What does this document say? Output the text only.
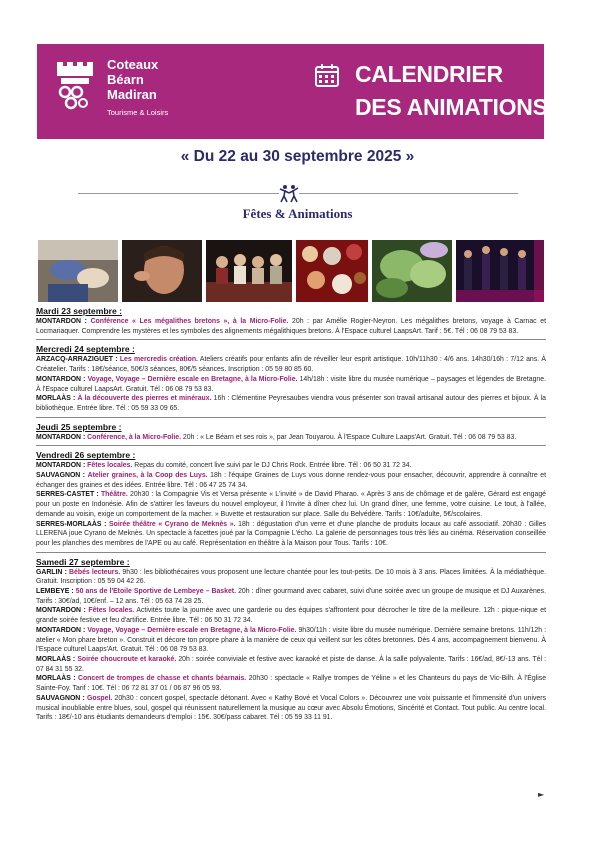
Coteaux
Béarn
Madiran
Tourisme & Loisirs
CALENDRIER
DES ANIMATIONS
« Du 22 au 30 septembre 2025 »
Fêtes & Animations
Mardi 23 septembre :

MONTARDON : Conférence « Les mégalithes bretons », à la Micro-Folie. 20h : par Amélie Rogier-Neyron. Les mégalithes bretons, voyage à Carnac et Locmariaquer. Comprendre les mystères et les symboles des alignements mégalithiques bretons. À l'Espace culturel LaapsArt. Tarif : 5€. Tél : 06 08 79 53 83.

Mercredi 24 septembre :

ARZACQ-ARRAZIGUET : Les mercredis création. Ateliers créatifs pour enfants afin de réveiller leur esprit artistique. 10h/11h30 : 4/6 ans. 14h30/16h : 7/12 ans. À Créatelier. Tarifs : 18€/séance, 50€/3 séances, 80€/5 séances. Inscription : 05 59 80 85 60.

MONTARDON : Voyage, Voyage – Dernière escale en Bretagne, à la Micro-Folie. 14h/18h : visite libre du musée numérique – paysages et légendes de Bretagne. À l'Espace culturel LaapsArt. Gratuit. Tél : 06 08 79 53 83.

MORLAÀS : À la découverte des pierres et minéraux. 16h : Clémentine Peyresaubes viendra vous présenter son travail artisanal autour des pierres et bijoux. À la bibliothèque. Entrée libre. Tél : 05 59 33 09 65.

Jeudi 25 septembre :

MONTARDON : Conférence, à la Micro-Folie. 20h : « Le Béarn et ses rois », par Jean Touyarou. À l'Espace Culture Laaps'Art. Gratuit. Tél : 06 08 79 53 83.

Vendredi 26 septembre :

MONTARDON : Fêtes locales. Repas du comité, concert live suivi par le DJ Chris Rock. Entrée libre. Tél : 06 50 31 72 34.

SAUVAGNON : Atelier graines, à la Coop des Luys. 18h : l'équipe Graines de Luys vous donne rendez-vous pour ensacher, découvrir, apprendre à connaître et échanger des graines et des idées. Entrée libre. Tél : 06 47 25 74 34.

SERRES-CASTET : Théâtre. 20h30 : la Compagnie Vis et Versa présente « L'invité » de David Pharao. « Après 3 ans de chômage et de galère, Gérard est engagé pour un poste en Indonésie. Afin de s'attirer les faveurs du nouvel employeur, il l'invite à dîner chez lui. Un grand dîner, une femme, votre cuisine. Le tout, à l'allée, demande au voisin, exige un comportement de la macher. » Buvette et restauration sur place. Salle du Belvédère. Tarifs : 10€/adulte, 5€/scolaires.

SERRES-MORLAÀS : Soirée théâtre « Cyrano de Meknès ». 18h : dégustation d'un verre et d'une planche de produits locaux au café associatif. 20h30 : Gilles LLERENA joue Cyrano de Meknès. Un spectacle à facettes joué par la Compagnie L'écho. La galerie de personnages tous très liés au cinéma. Réservation conseillée pour les planches des membres de l'APE ou au café. Représentation en théâtre à la Maison pour Tous. Tarifs : 10€.

Samedi 27 septembre :

GARLIN : Bébés lecteurs. 9h30 : les bibliothécaires vous proposent une lecture chantée pour les tout-petits. De 10 mois à 3 ans. Places limitées. À la médiathèque. Gratuit. Inscription : 05 59 04 42 26.

LEMBEYE : 50 ans de l'Etoile Sportive de Lembeye – Basket. 20h : dîner gourmand avec cabaret, suivi d'une soirée avec un groupe de musique et DJ Auxarènes. Tarifs : 30€/ad, 10€/enf. – 12 ans. Tél : 05 63 74 28 25.

MONTARDON : Fêtes locales. Activités toute la journée avec une garderie ou des équipes s'affrontent pour décrocher le titre de la meilleure. 12h : pique-nique et grande soirée festive et feu d'artifice. Entrée libre. Tél : 06 50 31 72 34.

MONTARDON : Voyage, Voyage – Dernière escale en Bretagne, à la Micro-Folie. 9h30/11h : visite libre du musée numérique. Dernière semaine bretons. 11h/12h : atelier « Mon phare breton ». Construit et décore ton propre phare à la manière de ceux qui veillent sur les côtes bretonnes. Dès 4 ans, accompagnement bienvenu. À l'Espace culturel Laaps'Art. Gratuit. Tél : 06 08 79 53 83.

MORLAÀS : Soirée choucroute et karaoké. 20h : soirée conviviale et festive avec karaoké et piste de danse. À la salle polyvalente. Tarifs : 16€/ad, 8€/-13 ans. Tél : 07 84 31 55 32.

MORLAÀS : Concert de trompes de chasse et chants béarnais. 20h30 : spectacle « Rallye trompes de Yéline » et les Chanteurs du pays de Vic-Bilh. À l'Église Sainte-Foy. Tarif : 10€. Tél : 06 72 81 37 01 / 06 87 96 05 93.

SAUVAGNON : Gospel. 20h30 : concert gospel, spectacle détonant. Avec « Kathy Bové et Vocal Colors ». Découvrez une voix puissante et l'immensité d'un univers musical inoubliable entre blues, soul, gospel qui réunissent naturellement la musique au cœur avec Absolu Émotions, Sincérité et Contact. Tout public. Au centre local. Tarifs : 18€/-10 ans étudiants demandeurs d'emploi : 15€. 30€/pass cabaret. Tél : 05 59 33 11 91.

►
